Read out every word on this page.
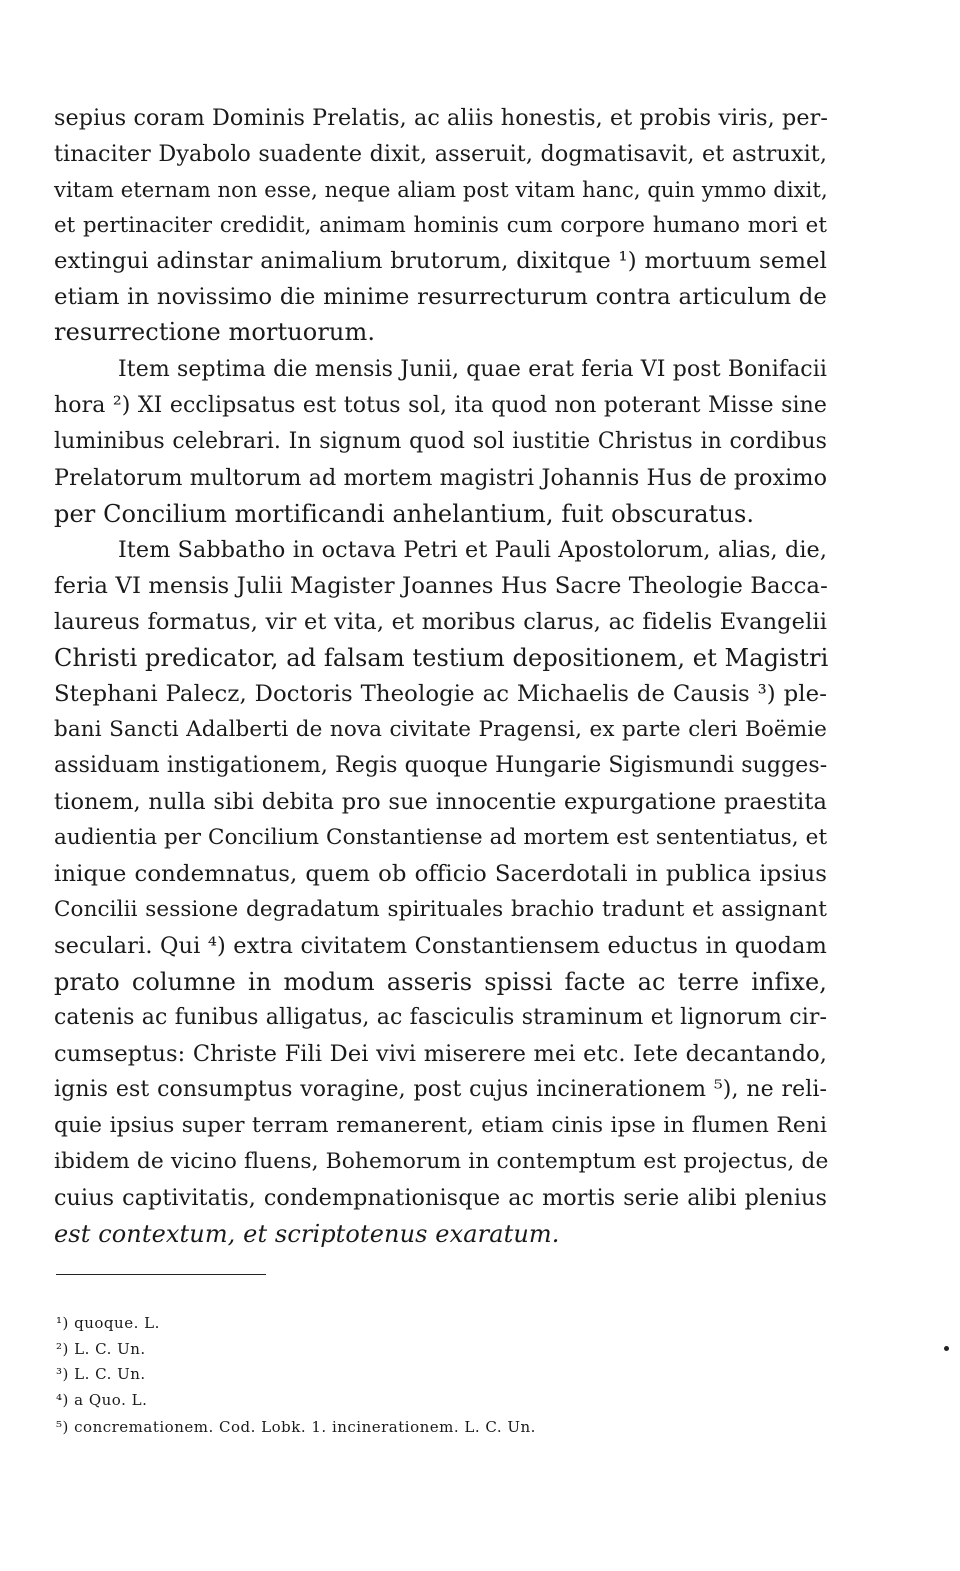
sepius coram Dominis Prelatis, ac aliis honestis, et probis viris, per-
tinaciter Dyabolo suadente dixit, asseruit, dogmatisavit, et astruxit,
vitam eternam non esse, neque aliam post vitam hanc, quin ymmo dixit,
et pertinaciter credidit, animam hominis cum corpore humano mori et
extingui adinstar animalium brutorum, dixitque ¹) mortuum semel
etiam in novissimo die minime resurrecturum contra articulum de
resurrectione mortuorum.
Item septima die mensis Junii, quae erat feria VI post Bonifacii
hora ²) XI ecclipsatus est totus sol, ita quod non poterant Misse sine
luminibus celebrari. In signum quod sol iustitie Christus in cordibus
Prelatorum multorum ad mortem magistri Johannis Hus de proximo
per Concilium mortificandi anhelantium, fuit obscuratus.
Item Sabbatho in octava Petri et Pauli Apostolorum, alias, die,
feria VI mensis Julii Magister Joannes Hus Sacre Theologie Bacca-
laureus formatus, vir et vita, et moribus clarus, ac fidelis Evangelii
Christi predicator, ad falsam testium depositionem, et Magistri
Stephani Palecz, Doctoris Theologie ac Michaelis de Causis ³) ple-
bani Sancti Adalberti de nova civitate Pragensi, ex parte cleri Boëmie
assiduam instigationem, Regis quoque Hungarie Sigismundi sugges-
tionem, nulla sibi debita pro sue innocentie expurgatione praestita
audientia per Concilium Constantiense ad mortem est sententiatus, et
inique condemnatus, quem ob officio Sacerdotali in publica ipsius
Concilii sessione degradatum spirituales brachio tradunt et assignant
seculari. Qui ⁴) extra civitatem Constantiensem eductus in quodam
prato columne in modum asseris spissi facte ac terre infixe,
catenis ac funibus alligatus, ac fasciculis straminum et lignorum cir-
cumseptus: Christe Fili Dei vivi miserere mei etc. Iete decantando,
ignis est consumptus voragine, post cujus incinerationem ⁵), ne reli-
quie ipsius super terram remanerent, etiam cinis ipse in flumen Reni
ibidem de vicino fluens, Bohemorum in contemptum est projectus, de
cuius captivitatis, condempnationisque ac mortis serie alibi plenius
est contextum, et scriptotenus exaratum.
¹) quoque. L.
²) L. C. Un.
³) L. C. Un.
⁴) a Quo. L.
⁵) concremationem. Cod. Lobk. 1. incinerationem. L. C. Un.
